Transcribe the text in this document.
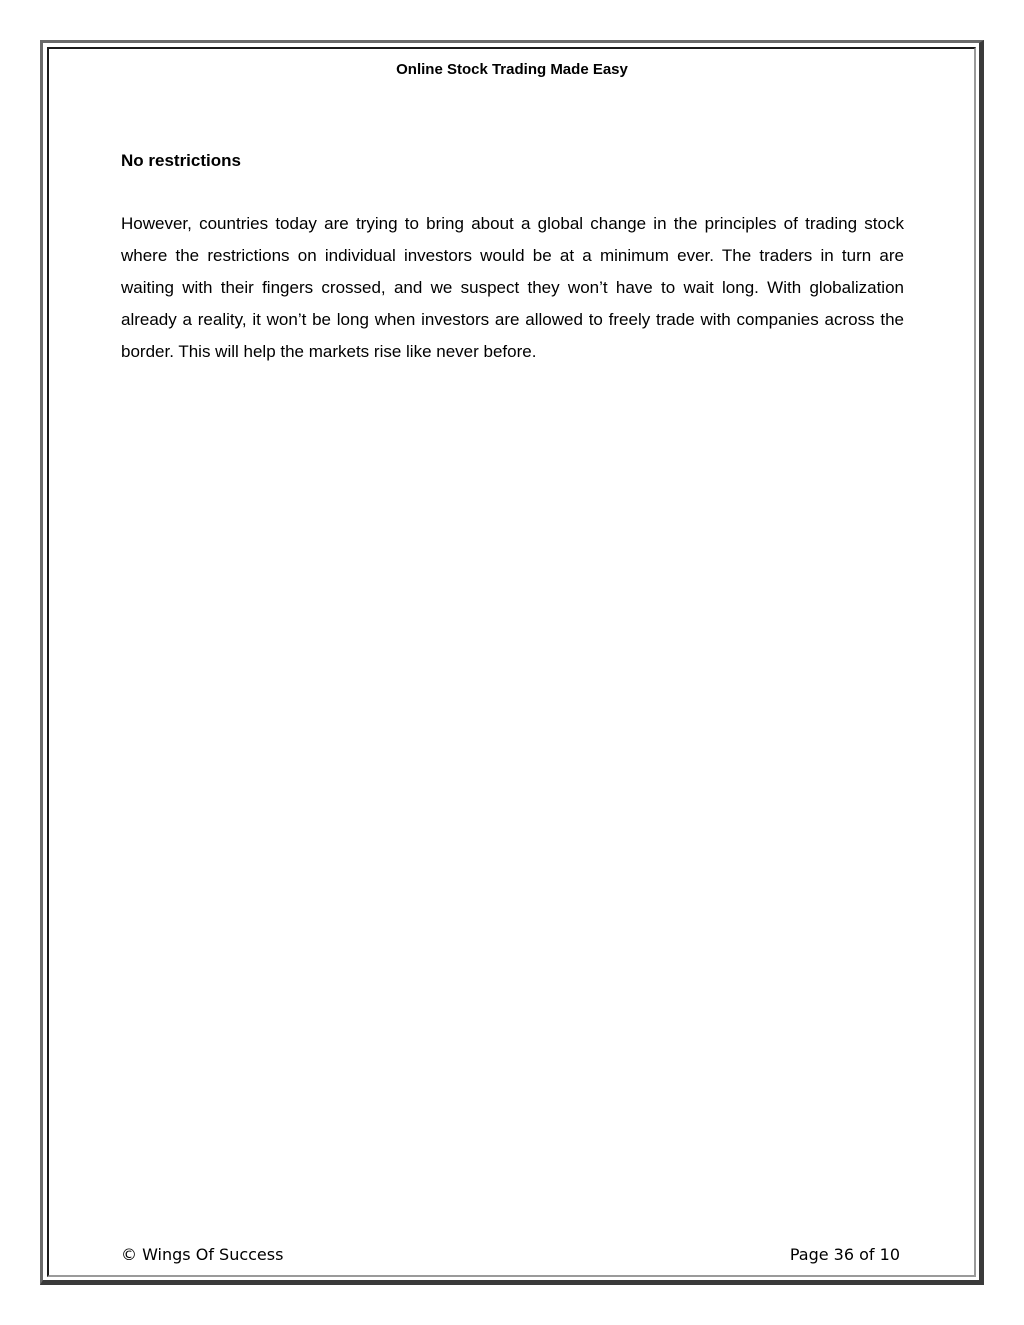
Online Stock Trading Made Easy
No restrictions

However, countries today are trying to bring about a global change in the principles of trading stock where the restrictions on individual investors would be at a minimum ever. The traders in turn are waiting with their fingers crossed, and we suspect they won’t have to wait long. With globalization already a reality, it won’t be long when investors are allowed to freely trade with companies across the border. This will help the markets rise like never before.

© Wings Of Success	Page 36 of 10
